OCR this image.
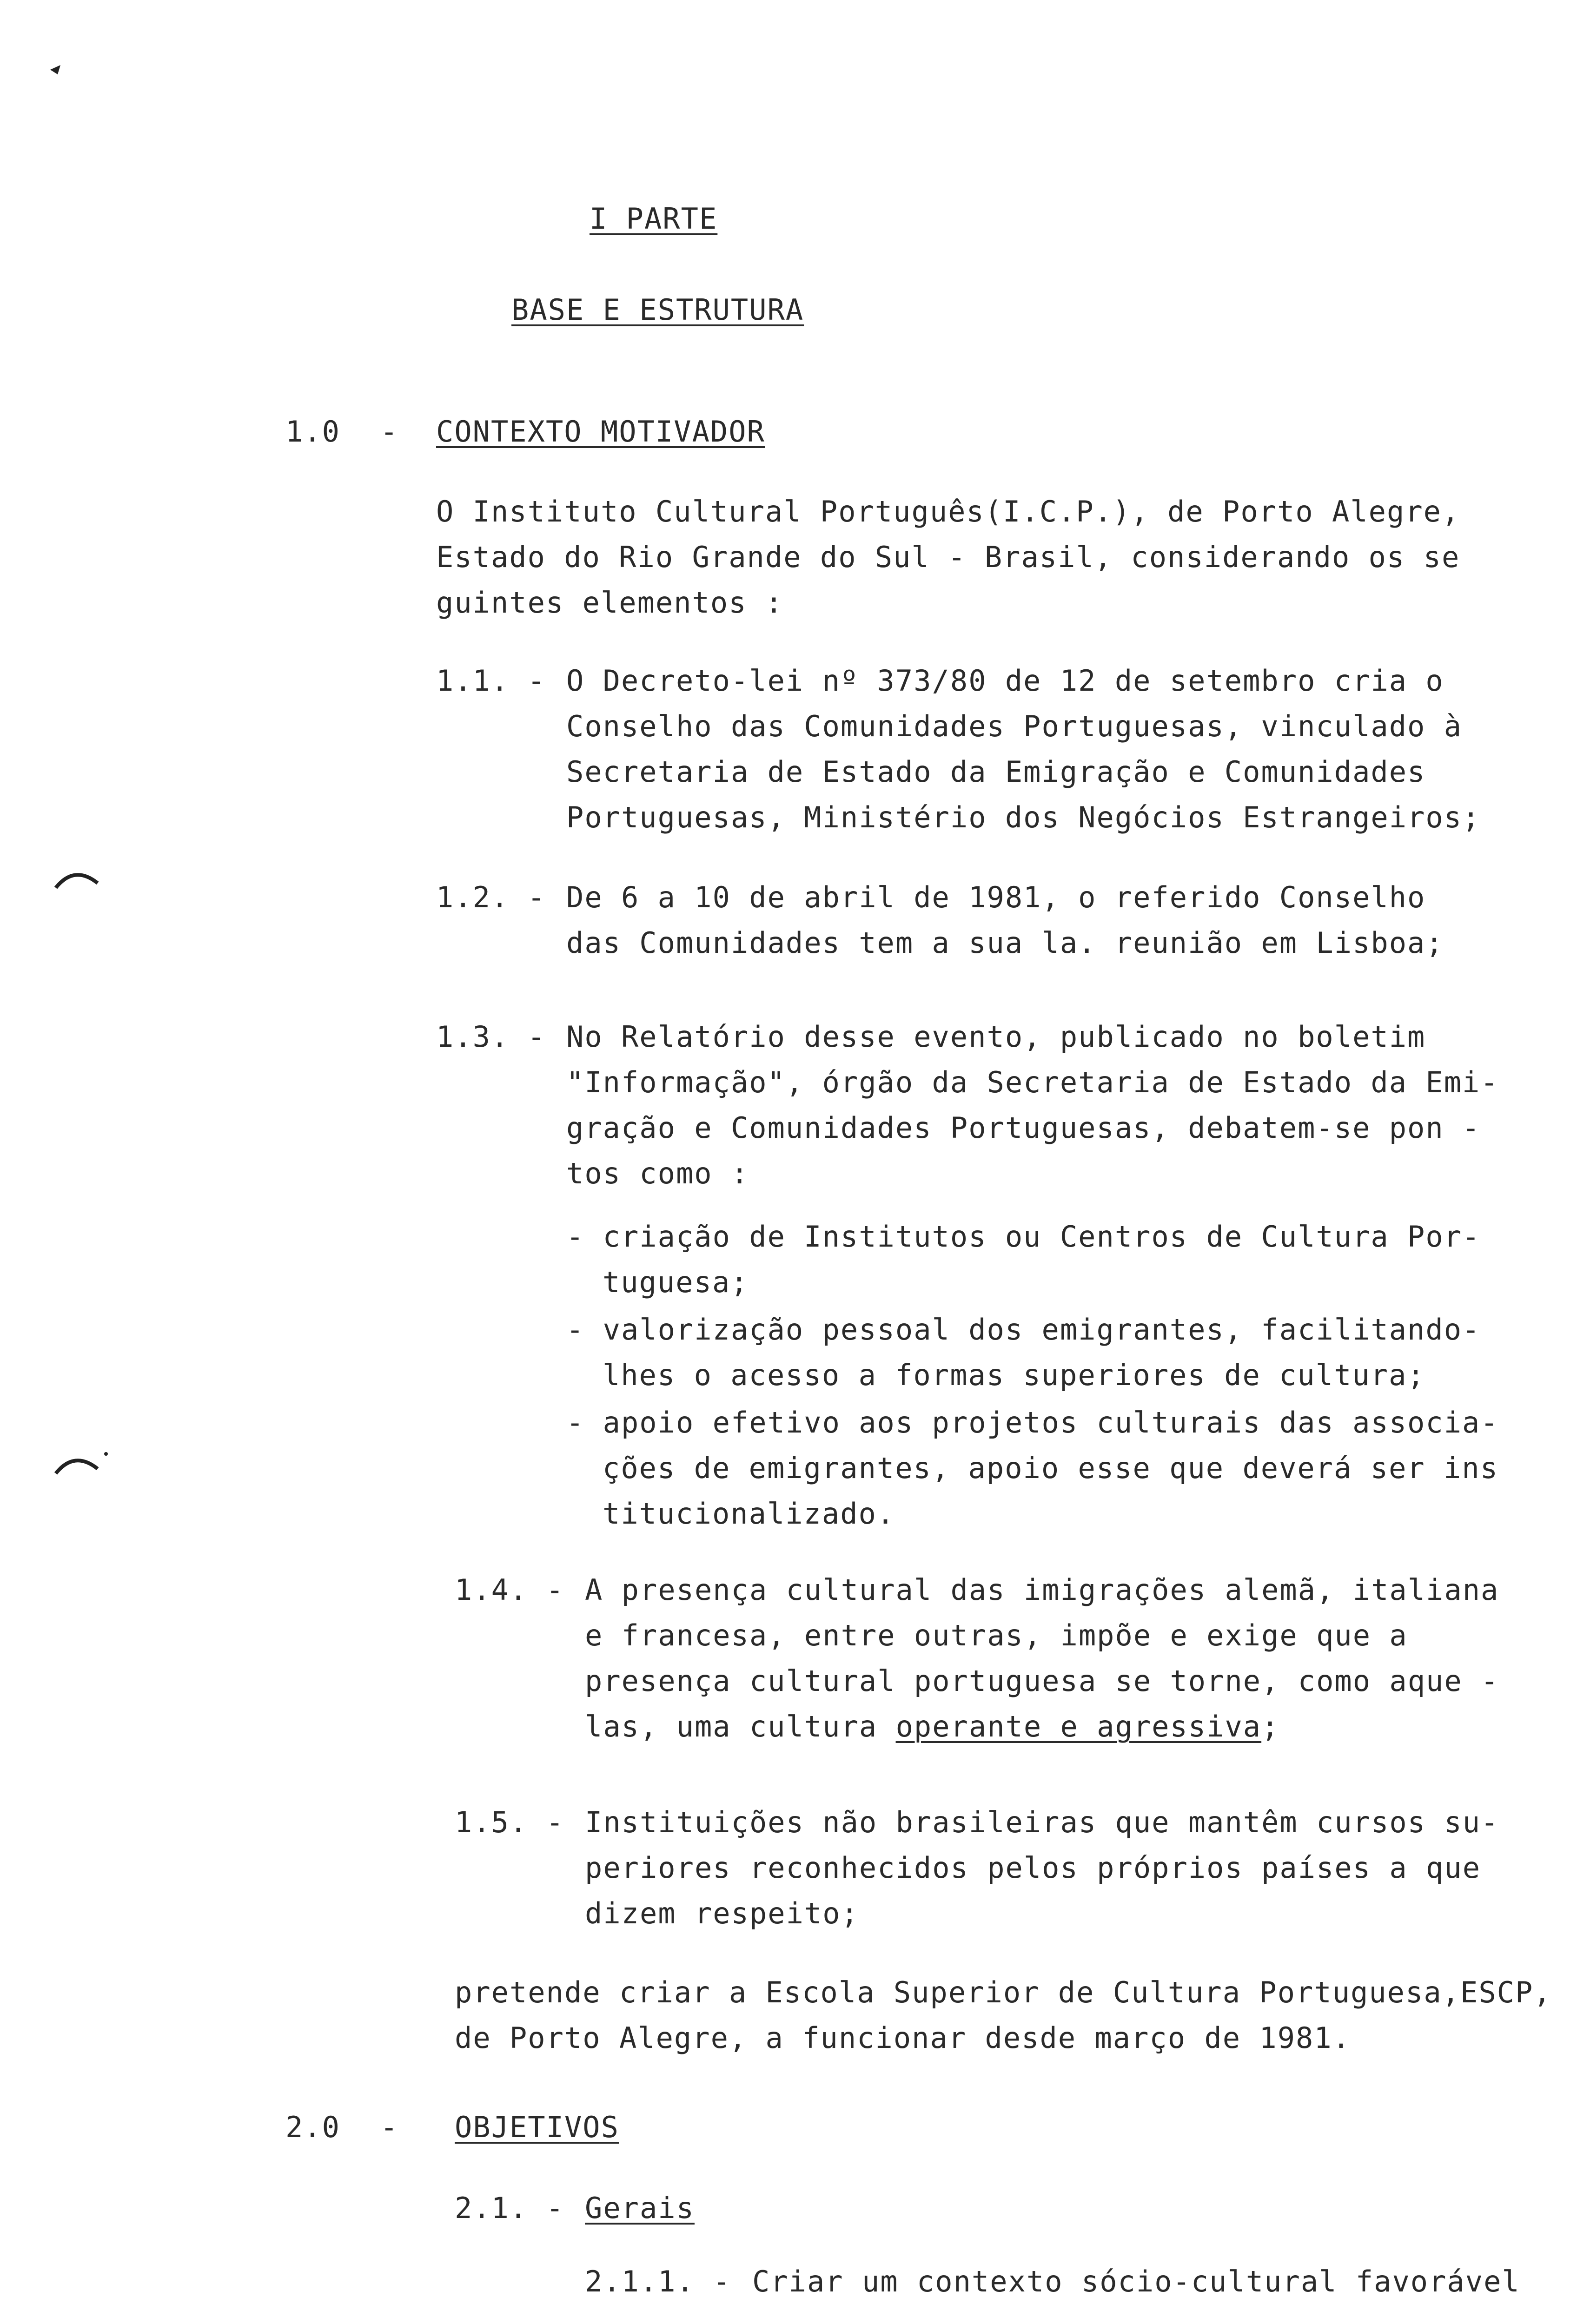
I PARTE
BASE E ESTRUTURA
1.0 - CONTEXTO MOTIVADOR
O Instituto Cultural Português(I.C.P.), de Porto Alegre,
Estado do Rio Grande do Sul - Brasil, considerando os se
guintes elementos :
1.1. - O Decreto-lei nº 373/80 de 12 de setembro cria o
Conselho das Comunidades Portuguesas, vinculado à
Secretaria de Estado da Emigração e Comunidades
Portuguesas, Ministério dos Negócios Estrangeiros;
1.2. - De 6 a 10 de abril de 1981, o referido Conselho
das Comunidades tem a sua la. reunião em Lisboa;
1.3. - No Relatório desse evento, publicado no boletim
"Informação", órgão da Secretaria de Estado da Emi-
gração e Comunidades Portuguesas, debatem-se pon -
tos como :
- criação de Institutos ou Centros de Cultura Por-
tuguesa;
- valorização pessoal dos emigrantes, facilitando-
lhes o acesso a formas superiores de cultura;
- apoio efetivo aos projetos culturais das associa-
ções de emigrantes, apoio esse que deverá ser ins
titucionalizado.
1.4. - A presença cultural das imigrações alemã, italiana
e francesa, entre outras, impõe e exige que a
presença cultural portuguesa se torne, como aque -
las, uma cultura operante e agressiva;
1.5. - Instituições não brasileiras que mantêm cursos su-
periores reconhecidos pelos próprios países a que
dizem respeito;
pretende criar a Escola Superior de Cultura Portuguesa,ESCP,
de Porto Alegre, a funcionar desde março de 1981.
2.0 - OBJETIVOS
2.1. - Gerais
2.1.1. - Criar um contexto sócio-cultural favorável
